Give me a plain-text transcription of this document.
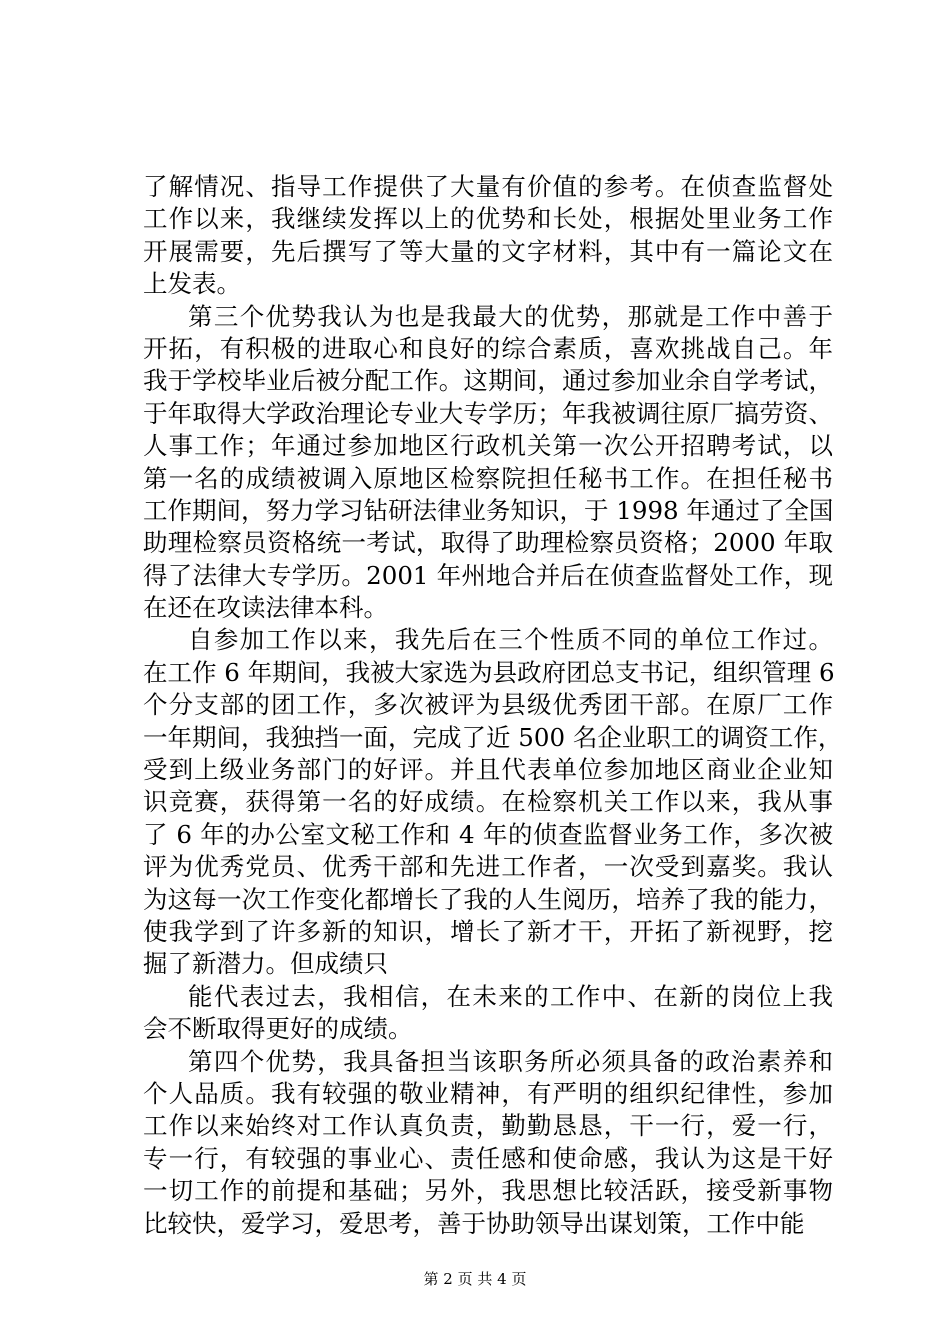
了解情况、指导工作提供了大量有价值的参考。在侦查监督处
工作以来，我继续发挥以上的优势和长处，根据处里业务工作
开展需要，先后撰写了等大量的文字材料，其中有一篇论文在
上发表。
第三个优势我认为也是我最大的优势，那就是工作中善于
开拓，有积极的进取心和良好的综合素质，喜欢挑战自己。年
我于学校毕业后被分配工作。这期间，通过参加业余自学考试，
于年取得大学政治理论专业大专学历；年我被调往原厂搞劳资、
人事工作；年通过参加地区行政机关第一次公开招聘考试，以
第一名的成绩被调入原地区检察院担任秘书工作。在担任秘书
工作期间，努力学习钻研法律业务知识，于 1998 年通过了全国
助理检察员资格统一考试，取得了助理检察员资格；2000 年取
得了法律大专学历。2001 年州地合并后在侦查监督处工作，现
在还在攻读法律本科。
自参加工作以来，我先后在三个性质不同的单位工作过。
在工作 6 年期间，我被大家选为县政府团总支书记，组织管理 6
个分支部的团工作，多次被评为县级优秀团干部。在原厂工作
一年期间，我独挡一面，完成了近 500 名企业职工的调资工作，
受到上级业务部门的好评。并且代表单位参加地区商业企业知
识竞赛，获得第一名的好成绩。在检察机关工作以来，我从事
了 6 年的办公室文秘工作和 4 年的侦查监督业务工作，多次被
评为优秀党员、优秀干部和先进工作者，一次受到嘉奖。我认
为这每一次工作变化都增长了我的人生阅历，培养了我的能力，
使我学到了许多新的知识，增长了新才干，开拓了新视野，挖
掘了新潜力。但成绩只
能代表过去，我相信，在未来的工作中、在新的岗位上我
会不断取得更好的成绩。
第四个优势，我具备担当该职务所必须具备的政治素养和
个人品质。我有较强的敬业精神，有严明的组织纪律性，参加
工作以来始终对工作认真负责，勤勤恳恳，干一行，爱一行，
专一行，有较强的事业心、责任感和使命感，我认为这是干好
一切工作的前提和基础；另外，我思想比较活跃，接受新事物
比较快，爱学习，爱思考，善于协助领导出谋划策，工作中能
第 2 页 共 4 页
